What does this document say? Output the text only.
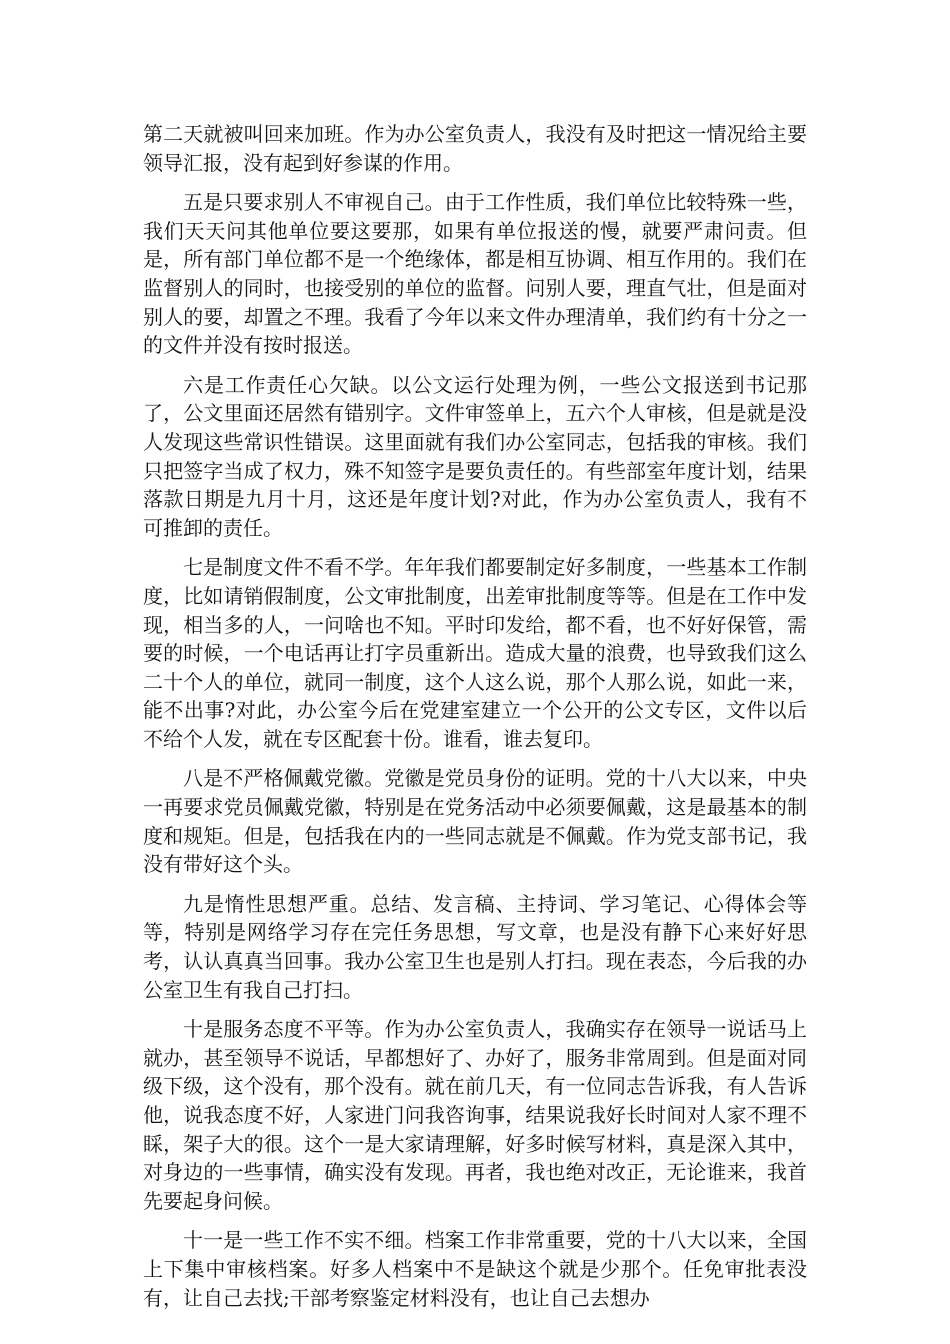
第二天就被叫回来加班。作为办公室负责人，我没有及时把这一情况给主要领导汇报，没有起到好参谋的作用。

五是只要求别人不审视自己。由于工作性质，我们单位比较特殊一些，我们天天问其他单位要这要那，如果有单位报送的慢，就要严肃问责。但是，所有部门单位都不是一个绝缘体，都是相互协调、相互作用的。我们在监督别人的同时，也接受别的单位的监督。问别人要，理直气壮，但是面对别人的要，却置之不理。我看了今年以来文件办理清单，我们约有十分之一的文件并没有按时报送。

六是工作责任心欠缺。以公文运行处理为例，一些公文报送到书记那了，公文里面还居然有错别字。文件审签单上，五六个人审核，但是就是没人发现这些常识性错误。这里面就有我们办公室同志，包括我的审核。我们只把签字当成了权力，殊不知签字是要负责任的。有些部室年度计划，结果落款日期是九月十月，这还是年度计划?对此，作为办公室负责人，我有不可推卸的责任。

七是制度文件不看不学。年年我们都要制定好多制度，一些基本工作制度，比如请销假制度，公文审批制度，出差审批制度等等。但是在工作中发现，相当多的人，一问啥也不知。平时印发给，都不看，也不好好保管，需要的时候，一个电话再让打字员重新出。造成大量的浪费，也导致我们这么二十个人的单位，就同一制度，这个人这么说，那个人那么说，如此一来，能不出事?对此，办公室今后在党建室建立一个公开的公文专区，文件以后不给个人发，就在专区配套十份。谁看，谁去复印。

八是不严格佩戴党徽。党徽是党员身份的证明。党的十八大以来，中央一再要求党员佩戴党徽，特别是在党务活动中必须要佩戴，这是最基本的制度和规矩。但是，包括我在内的一些同志就是不佩戴。作为党支部书记，我没有带好这个头。

九是惰性思想严重。总结、发言稿、主持词、学习笔记、心得体会等等，特别是网络学习存在完任务思想，写文章，也是没有静下心来好好思考，认认真真当回事。我办公室卫生也是别人打扫。现在表态，今后我的办公室卫生有我自己打扫。

十是服务态度不平等。作为办公室负责人，我确实存在领导一说话马上就办，甚至领导不说话，早都想好了、办好了，服务非常周到。但是面对同级下级，这个没有，那个没有。就在前几天，有一位同志告诉我，有人告诉他，说我态度不好，人家进门问我咨询事，结果说我好长时间对人家不理不睬，架子大的很。这个一是大家请理解，好多时候写材料，真是深入其中，对身边的一些事情，确实没有发现。再者，我也绝对改正，无论谁来，我首先要起身问候。

十一是一些工作不实不细。档案工作非常重要，党的十八大以来，全国上下集中审核档案。好多人档案中不是缺这个就是少那个。任免审批表没有，让自己去找;干部考察鉴定材料没有，也让自己去想办
